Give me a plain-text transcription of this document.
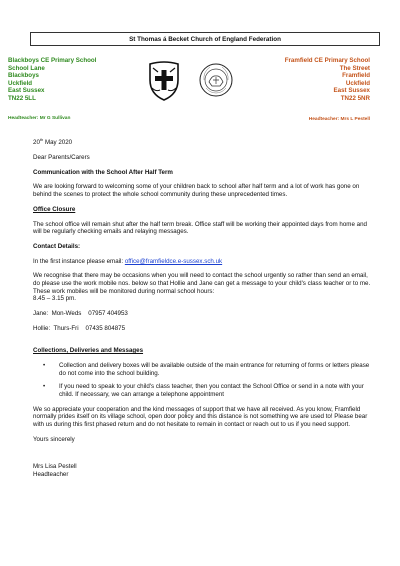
St Thomas á Becket Church of England Federation
Blackboys CE Primary School
School Lane
Blackboys
Uckfield
East Sussex
TN22 5LL
Headteacher: Mr G Sullivan
Framfield CE Primary School
The Street
Framfield
Uckfield
East Sussex
TN22 5NR
Headteacher: Mrs L Pestell

20th May 2020

Dear Parents/Carers

Communication with the School After Half Term

We are looking forward to welcoming some of your children back to school after half term and a lot of work has gone on behind the scenes to protect the whole school community during these unprecedented times.

Office Closure

The school office will remain shut after the half term break. Office staff will be working their appointed days from home and will be regularly checking emails and relaying messages.

Contact Details:

In the first instance please email: office@framfieldce.e-sussex.sch.uk

We recognise that there may be occasions when you will need to contact the school urgently so rather than send an email, do please use the work mobile nos. below so that Hollie and Jane can get a message to your child's class teacher or to me. These work mobiles will be monitored during normal school hours:
8.45 – 3.15 pm.

Jane:  Mon-Weds    07957 404953

Hollie:  Thurs-Fri    07435 804875

Collections, Deliveries and Messages

•	Collection and delivery boxes will be available outside of the main entrance for returning of forms or letters please do not come into the school building.
•	If you need to speak to your child's class teacher, then you contact the School Office or send in a note with your child. If necessary, we can arrange a telephone appointment

We so appreciate your cooperation and the kind messages of support that we have all received. As you know, Framfield normally prides itself on its village school, open door policy and this distance is not something we are used to! Please bear with us during this first phased return and do not hesitate to remain in contact or reach out to us if you need support.

Yours sincerely

Mrs Lisa Pestell
Headteacher
